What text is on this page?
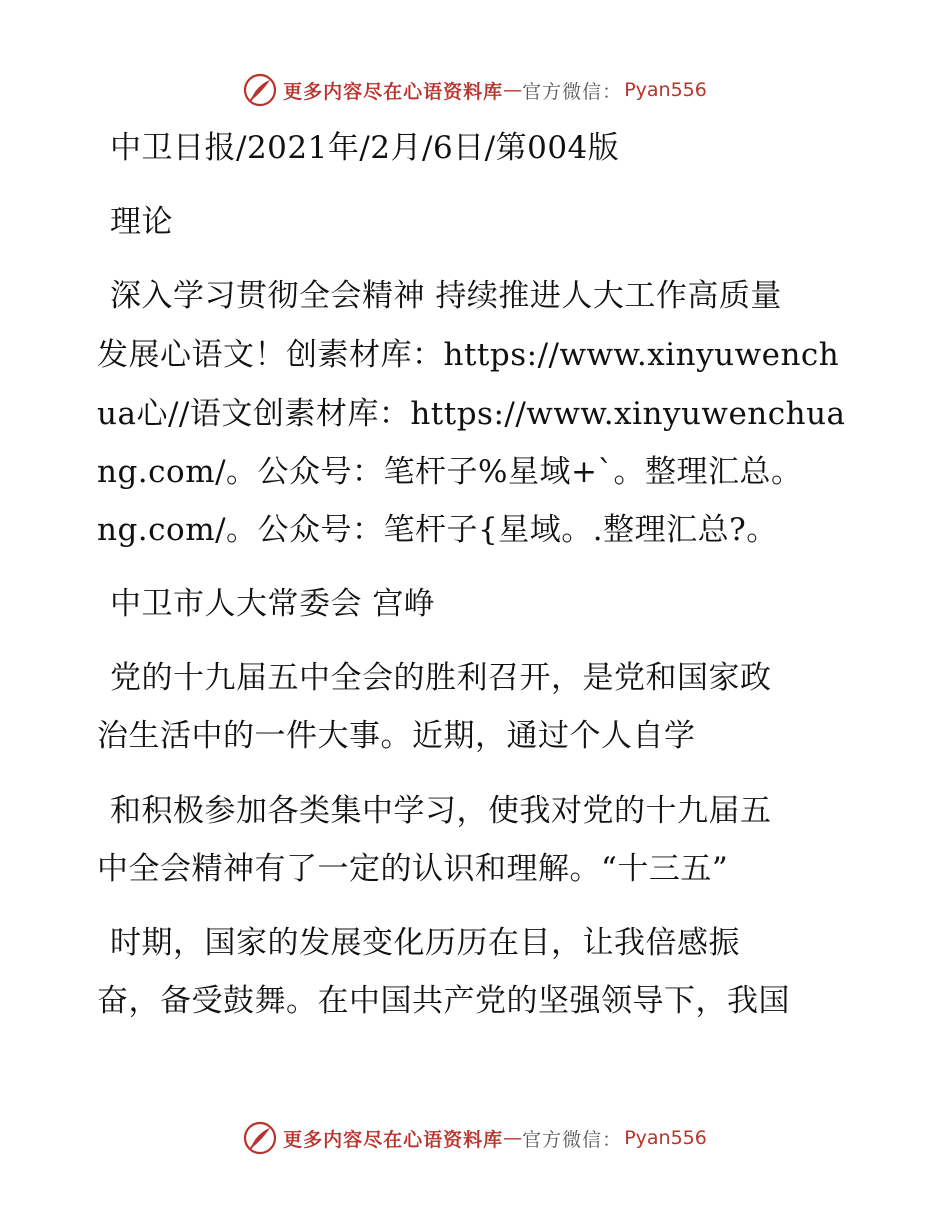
更多内容尽在心语资料库 — 官方微信： Pyan556
中卫日报/2021年/2月/6日/第004版
理论
深入学习贯彻全会精神 持续推进人大工作高质量
发展心语文！创素材库：https://www.xinyuwench
ua心//语文创素材库：https://www.xinyuwenchua
ng.com/。公众号：笔杆子%星域+`。整理汇总。
ng.com/。公众号：笔杆子{星域。.整理汇总?。
中卫市人大常委会 宫峥
党的十九届五中全会的胜利召开，是党和国家政
治生活中的一件大事。近期，通过个人自学
和积极参加各类集中学习，使我对党的十九届五
中全会精神有了一定的认识和理解。“十三五”
时期，国家的发展变化历历在目，让我倍感振
奋，备受鼓舞。在中国共产党的坚强领导下，我国
更多内容尽在心语资料库 — 官方微信： Pyan556
